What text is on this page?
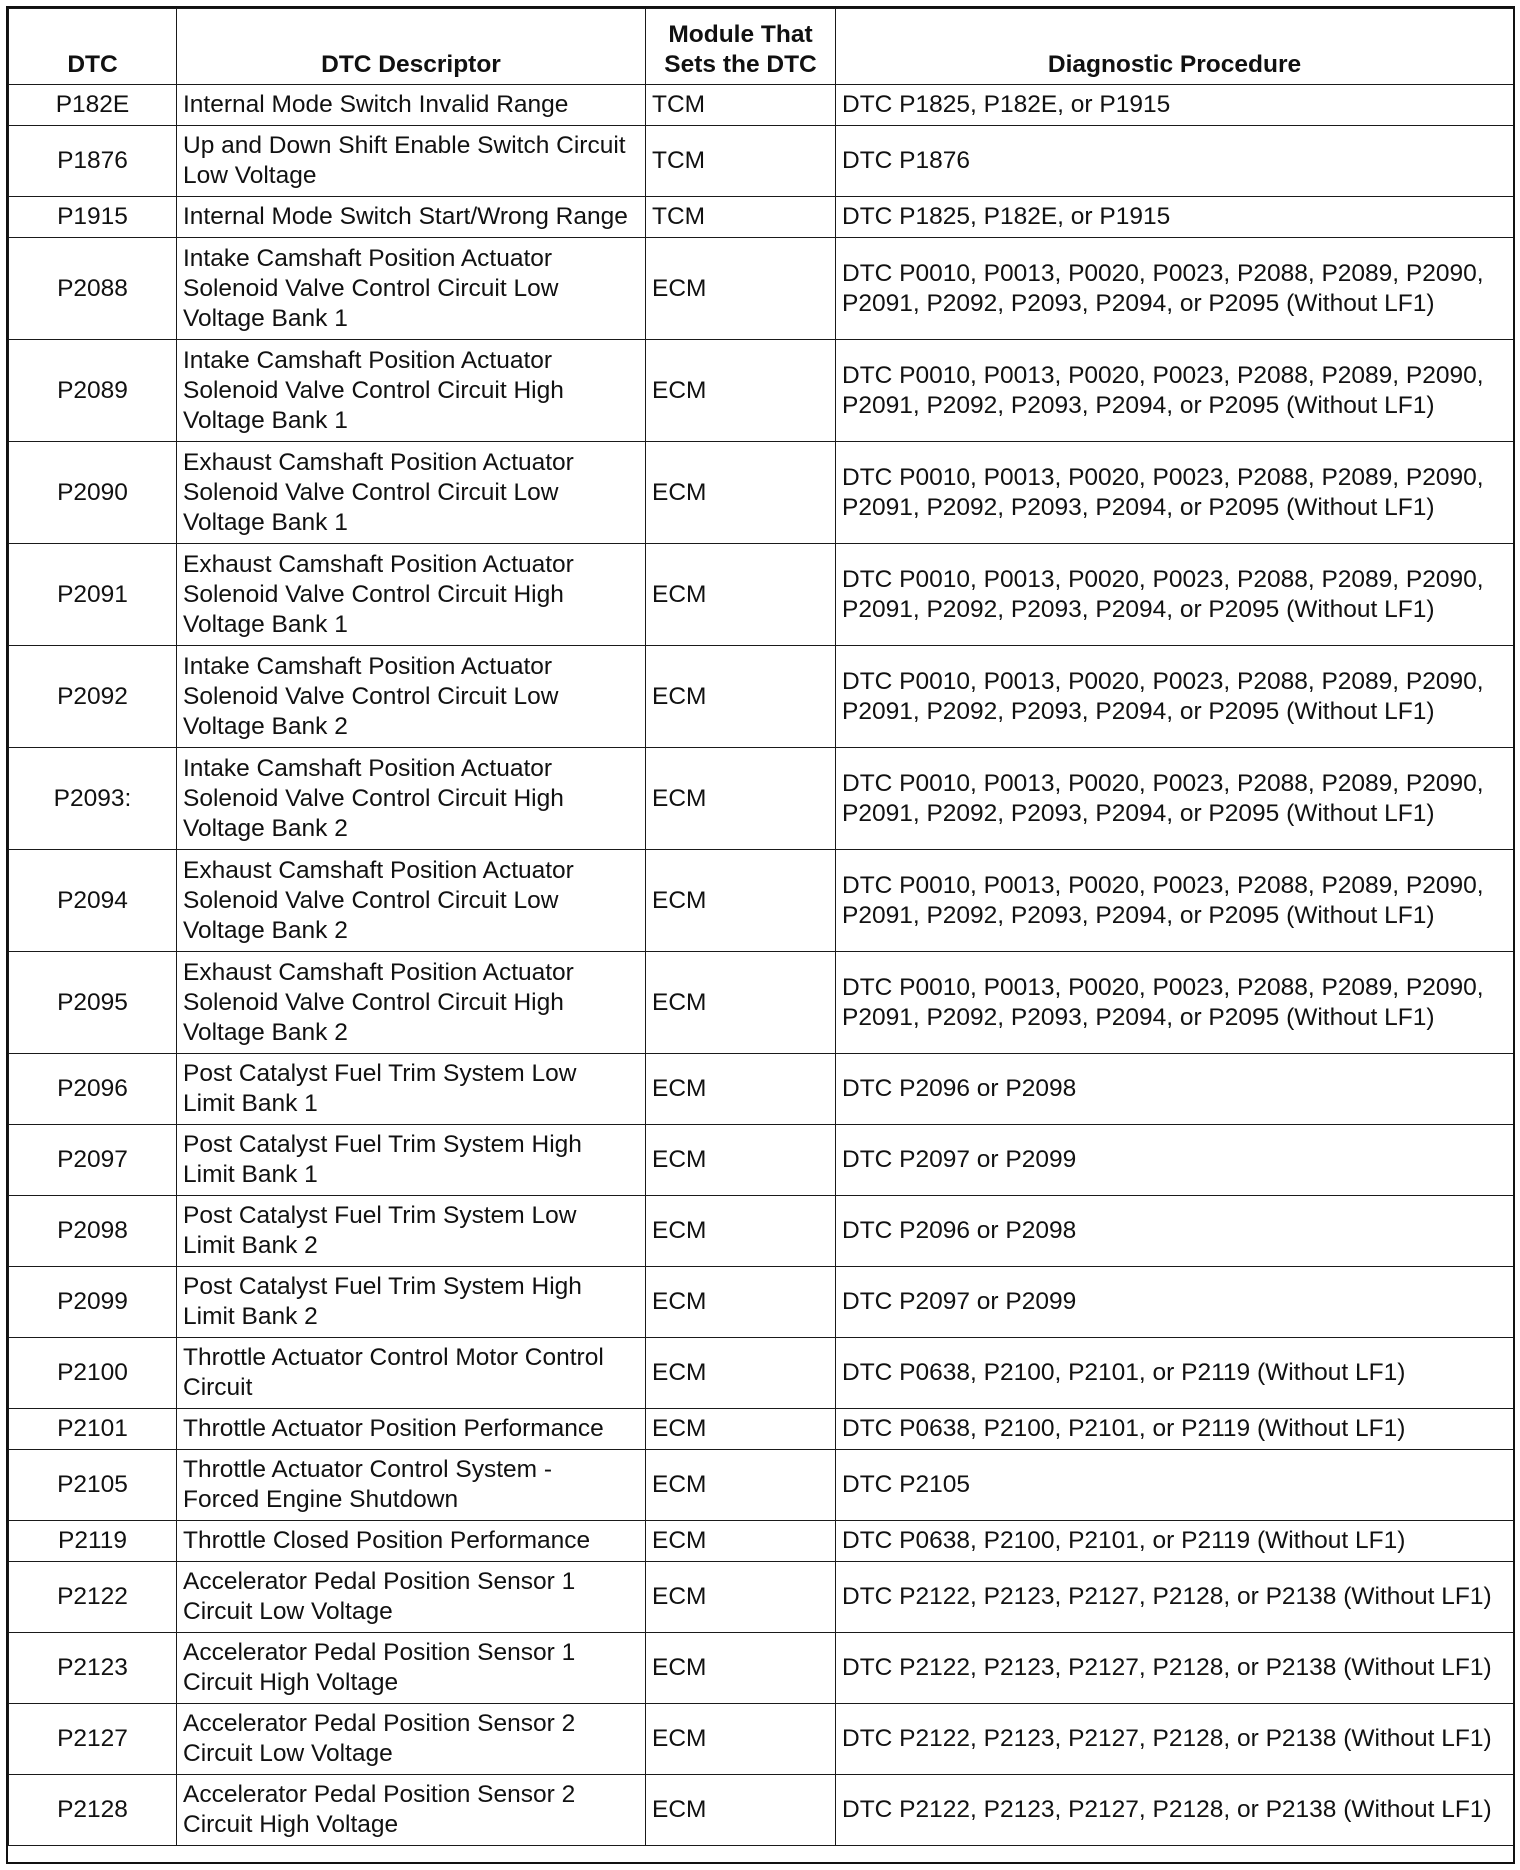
DTC	DTC Descriptor	Module That
Sets the DTC	Diagnostic Procedure
P182E	Internal Mode Switch Invalid Range	TCM	DTC P1825, P182E, or P1915
P1876	Up and Down Shift Enable Switch Circuit
Low Voltage	TCM	DTC P1876
P1915	Internal Mode Switch Start/Wrong Range	TCM	DTC P1825, P182E, or P1915
P2088	Intake Camshaft Position Actuator
Solenoid Valve Control Circuit Low
Voltage Bank 1	ECM	DTC P0010, P0013, P0020, P0023, P2088, P2089, P2090,
P2091, P2092, P2093, P2094, or P2095 (Without LF1)
P2089	Intake Camshaft Position Actuator
Solenoid Valve Control Circuit High
Voltage Bank 1	ECM	DTC P0010, P0013, P0020, P0023, P2088, P2089, P2090,
P2091, P2092, P2093, P2094, or P2095 (Without LF1)
P2090	Exhaust Camshaft Position Actuator
Solenoid Valve Control Circuit Low
Voltage Bank 1	ECM	DTC P0010, P0013, P0020, P0023, P2088, P2089, P2090,
P2091, P2092, P2093, P2094, or P2095 (Without LF1)
P2091	Exhaust Camshaft Position Actuator
Solenoid Valve Control Circuit High
Voltage Bank 1	ECM	DTC P0010, P0013, P0020, P0023, P2088, P2089, P2090,
P2091, P2092, P2093, P2094, or P2095 (Without LF1)
P2092	Intake Camshaft Position Actuator
Solenoid Valve Control Circuit Low
Voltage Bank 2	ECM	DTC P0010, P0013, P0020, P0023, P2088, P2089, P2090,
P2091, P2092, P2093, P2094, or P2095 (Without LF1)
P2093:	Intake Camshaft Position Actuator
Solenoid Valve Control Circuit High
Voltage Bank 2	ECM	DTC P0010, P0013, P0020, P0023, P2088, P2089, P2090,
P2091, P2092, P2093, P2094, or P2095 (Without LF1)
P2094	Exhaust Camshaft Position Actuator
Solenoid Valve Control Circuit Low
Voltage Bank 2	ECM	DTC P0010, P0013, P0020, P0023, P2088, P2089, P2090,
P2091, P2092, P2093, P2094, or P2095 (Without LF1)
P2095	Exhaust Camshaft Position Actuator
Solenoid Valve Control Circuit High
Voltage Bank 2	ECM	DTC P0010, P0013, P0020, P0023, P2088, P2089, P2090,
P2091, P2092, P2093, P2094, or P2095 (Without LF1)
P2096	Post Catalyst Fuel Trim System Low
Limit Bank 1	ECM	DTC P2096 or P2098
P2097	Post Catalyst Fuel Trim System High
Limit Bank 1	ECM	DTC P2097 or P2099
P2098	Post Catalyst Fuel Trim System Low
Limit Bank 2	ECM	DTC P2096 or P2098
P2099	Post Catalyst Fuel Trim System High
Limit Bank 2	ECM	DTC P2097 or P2099
P2100	Throttle Actuator Control Motor Control
Circuit	ECM	DTC P0638, P2100, P2101, or P2119 (Without LF1)
P2101	Throttle Actuator Position Performance	ECM	DTC P0638, P2100, P2101, or P2119 (Without LF1)
P2105	Throttle Actuator Control System -
Forced Engine Shutdown	ECM	DTC P2105
P2119	Throttle Closed Position Performance	ECM	DTC P0638, P2100, P2101, or P2119 (Without LF1)
P2122	Accelerator Pedal Position Sensor 1
Circuit Low Voltage	ECM	DTC P2122, P2123, P2127, P2128, or P2138 (Without LF1)
P2123	Accelerator Pedal Position Sensor 1
Circuit High Voltage	ECM	DTC P2122, P2123, P2127, P2128, or P2138 (Without LF1)
P2127	Accelerator Pedal Position Sensor 2
Circuit Low Voltage	ECM	DTC P2122, P2123, P2127, P2128, or P2138 (Without LF1)
P2128	Accelerator Pedal Position Sensor 2
Circuit High Voltage	ECM	DTC P2122, P2123, P2127, P2128, or P2138 (Without LF1)
